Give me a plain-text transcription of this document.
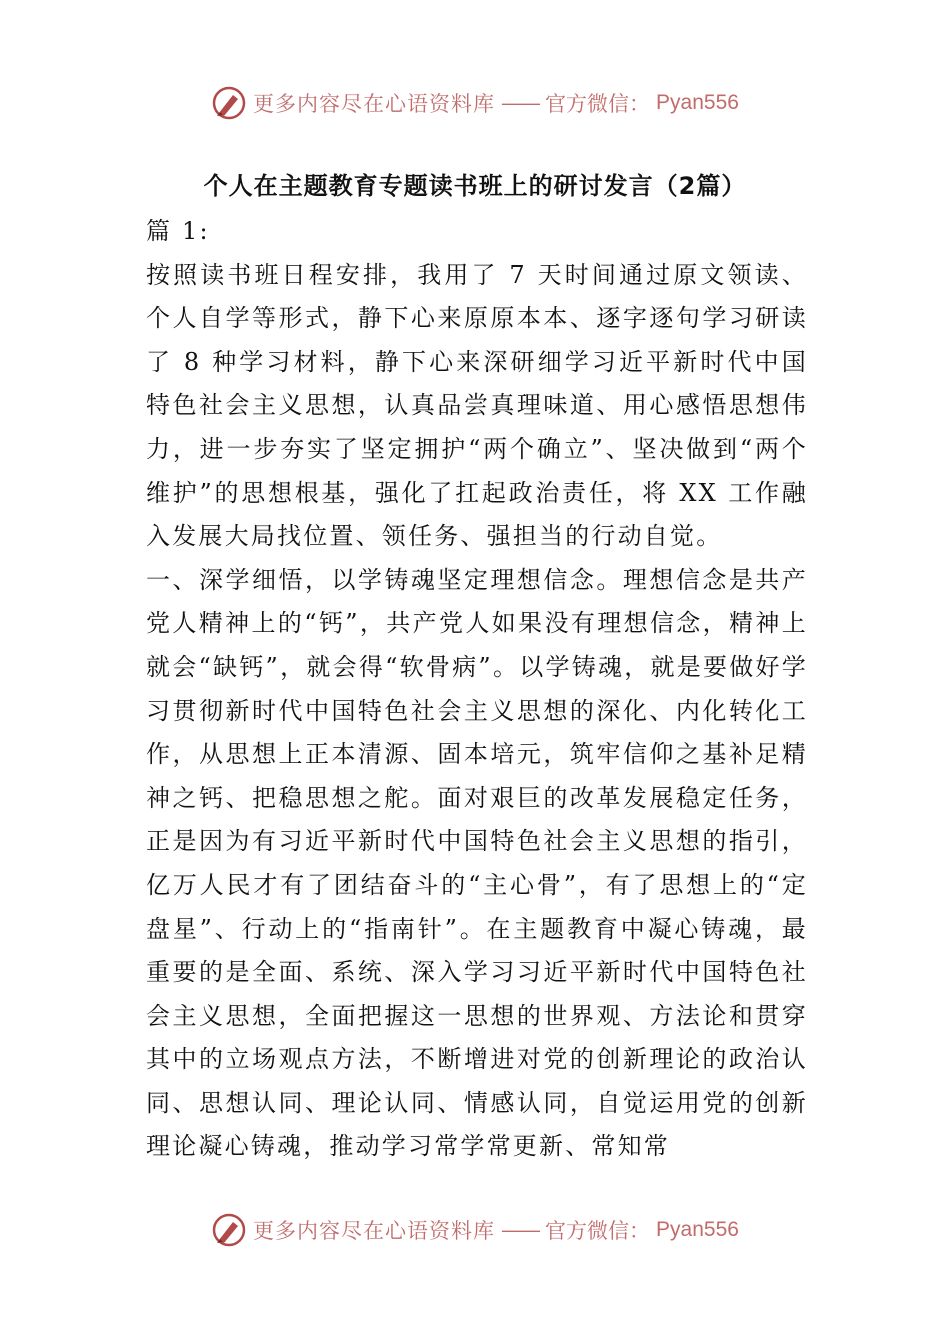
更多内容尽在心语资料库 —— 官方微信： Pyan556
个人在主题教育专题读书班上的研讨发言（2篇）

篇 1:

按照读书班日程安排，我用了 7 天时间通过原文领读、个人自学等形式，静下心来原原本本、逐字逐句学习研读了 8 种学习材料，静下心来深研细学习近平新时代中国特色社会主义思想，认真品尝真理味道、用心感悟思想伟力，进一步夯实了坚定拥护“两个确立”、坚决做到“两个维护”的思想根基，强化了扛起政治责任，将 XX 工作融入发展大局找位置、领任务、强担当的行动自觉。

一、深学细悟，以学铸魂坚定理想信念。理想信念是共产党人精神上的“钙”，共产党人如果没有理想信念，精神上就会“缺钙”，就会得“软骨病”。以学铸魂，就是要做好学习贯彻新时代中国特色社会主义思想的深化、内化转化工作，从思想上正本清源、固本培元，筑牢信仰之基补足精神之钙、把稳思想之舵。面对艰巨的改革发展稳定任务，正是因为有习近平新时代中国特色社会主义思想的指引，亿万人民才有了团结奋斗的“主心骨”，有了思想上的“定盘星”、行动上的“指南针”。在主题教育中凝心铸魂，最重要的是全面、系统、深入学习习近平新时代中国特色社会主义思想，全面把握这一思想的世界观、方法论和贯穿其中的立场观点方法，不断增进对党的创新理论的政治认同、思想认同、理论认同、情感认同，自觉运用党的创新理论凝心铸魂，推动学习常学常更新、常知常

更多内容尽在心语资料库 —— 官方微信： Pyan556
